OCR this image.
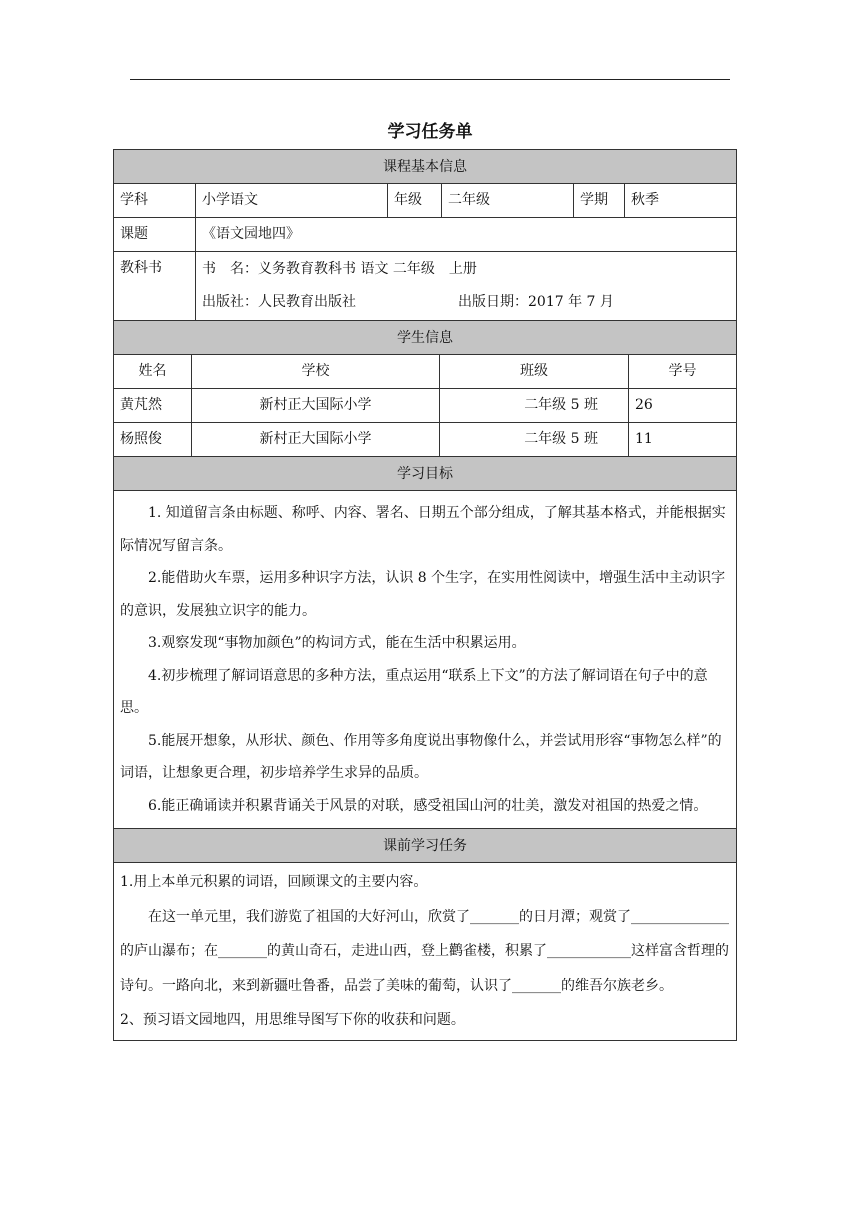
学习任务单
课程基本信息
学科	小学语文	年级	二年级	学期	秋季
课题	《语文园地四》
教科书	书　名：义务教育教科书 语文 二年级　上册
出版社：人民教育出版社	出版日期：2017 年 7 月
学生信息
姓名	学校	班级	学号
黄芃然	新村正大国际小学	二年级 5 班	26
杨照俊	新村正大国际小学	二年级 5 班	11
学习目标

1. 知道留言条由标题、称呼、内容、署名、日期五个部分组成，了解其基本格式，并能根据实际情况写留言条。

2.能借助火车票，运用多种识字方法，认识 8 个生字，在实用性阅读中，增强生活中主动识字的意识，发展独立识字的能力。

3.观察发现“事物加颜色”的构词方式，能在生活中积累运用。

4.初步梳理了解词语意思的多种方法，重点运用“联系上下文”的方法了解词语在句子中的意思。

5.能展开想象，从形状、颜色、作用等多角度说出事物像什么，并尝试用形容“事物怎么样”的词语，让想象更合理，初步培养学生求异的品质。

6.能正确诵读并积累背诵关于风景的对联，感受祖国山河的壮美，激发对祖国的热爱之情。

课前学习任务

1.用上本单元积累的词语，回顾课文的主要内容。

在这一单元里，我们游览了祖国的大好河山，欣赏了_______的日月潭；观赏了______________的庐山瀑布；在_______的黄山奇石，走进山西，登上鹳雀楼，积累了____________这样富含哲理的诗句。一路向北，来到新疆吐鲁番，品尝了美味的葡萄，认识了_______的维吾尔族老乡。

2、预习语文园地四，用思维导图写下你的收获和问题。
